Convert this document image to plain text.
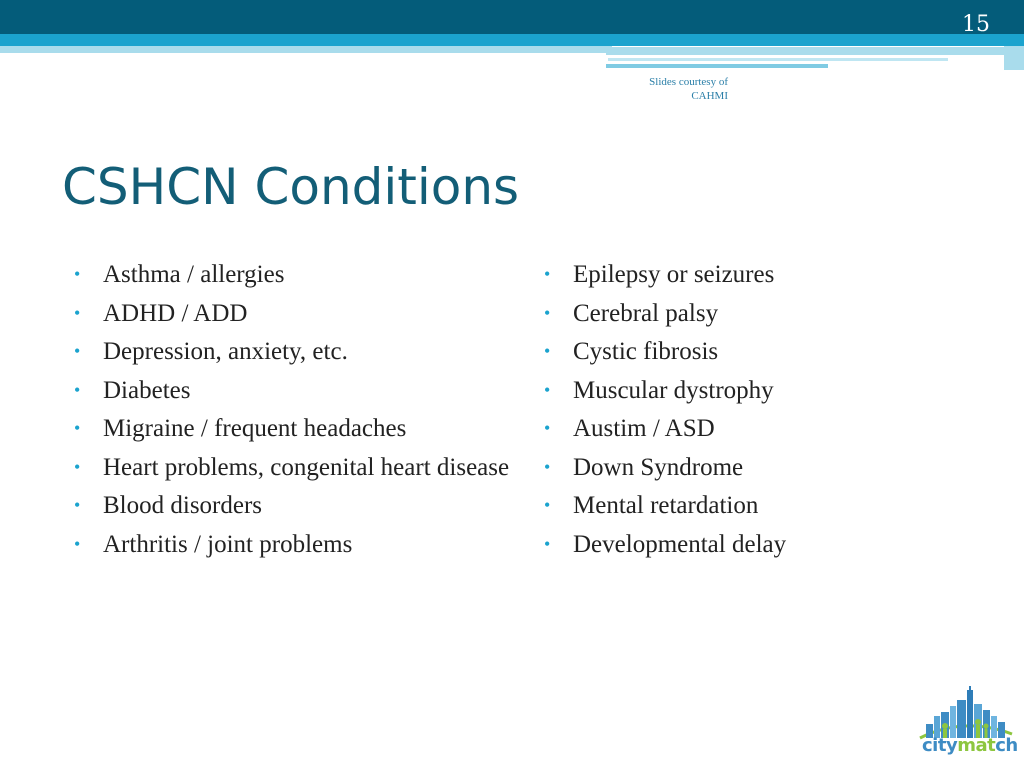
15
Slides courtesy of
CAHMI
CSHCN Conditions
• Asthma / allergies
• ADHD / ADD
• Depression, anxiety, etc.
• Diabetes
• Migraine / frequent headaches
• Heart problems, congenital heart disease
• Blood disorders
• Arthritis / joint problems
• Epilepsy or seizures
• Cerebral palsy
• Cystic fibrosis
• Muscular dystrophy
• Austim / ASD
• Down Syndrome
• Mental retardation
• Developmental delay
citymatch
